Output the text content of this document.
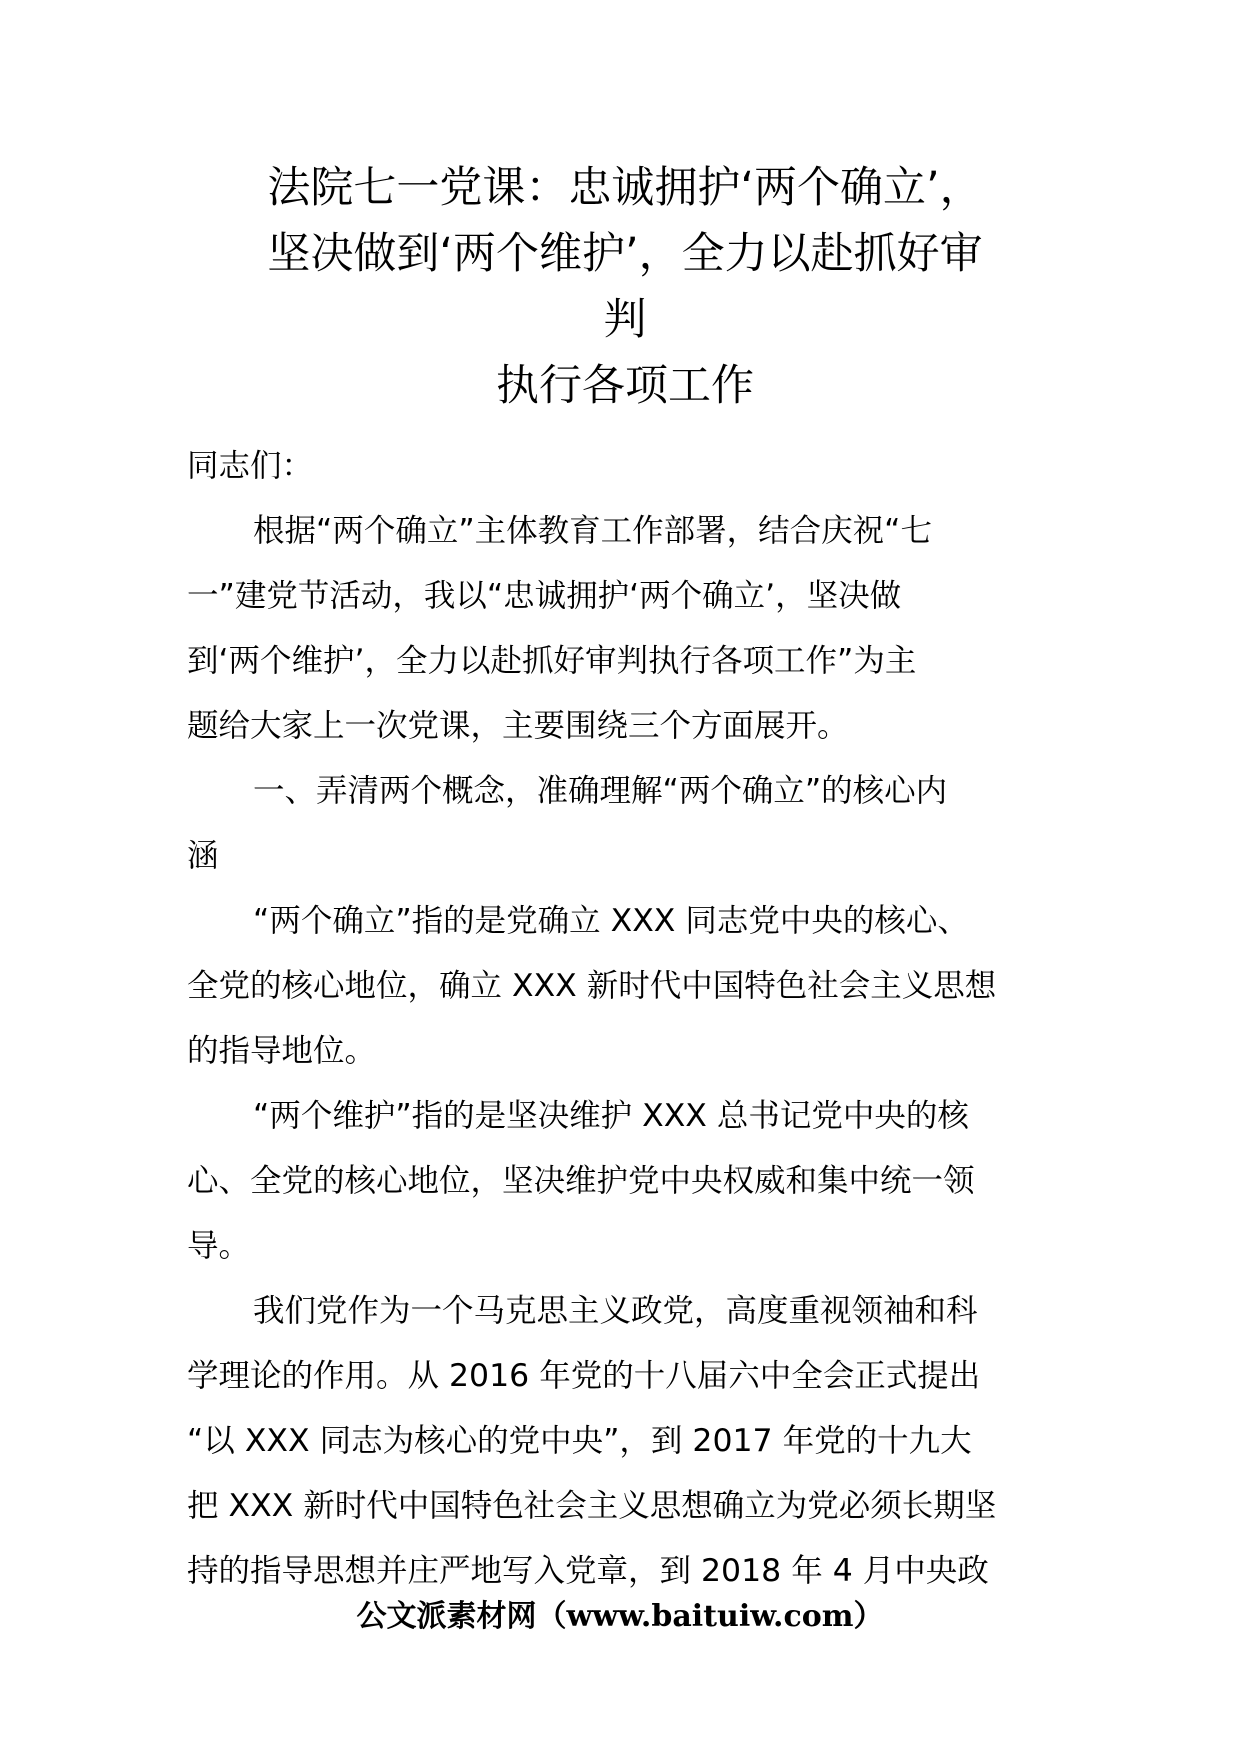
法院七一党课：忠诚拥护‘两个确立’，
坚决做到‘两个维护’，全力以赴抓好审
判
执行各项工作
同志们：
根据“两个确立”主体教育工作部署，结合庆祝“七
一”建党节活动，我以“忠诚拥护‘两个确立’，坚决做
到‘两个维护’，全力以赴抓好审判执行各项工作”为主
题给大家上一次党课，主要围绕三个方面展开。
一、弄清两个概念，准确理解“两个确立”的核心内
涵
“两个确立”指的是党确立 XXX 同志党中央的核心、
全党的核心地位，确立 XXX 新时代中国特色社会主义思想
的指导地位。
“两个维护”指的是坚决维护 XXX 总书记党中央的核
心、全党的核心地位，坚决维护党中央权威和集中统一领
导。
我们党作为一个马克思主义政党，高度重视领袖和科
学理论的作用。从 2016 年党的十八届六中全会正式提出
“以 XXX 同志为核心的党中央”，到 2017 年党的十九大
把 XXX 新时代中国特色社会主义思想确立为党必须长期坚
持的指导思想并庄严地写入党章，到 2018 年 4 月中央政
公文派素材网（www.baituiw.com）
